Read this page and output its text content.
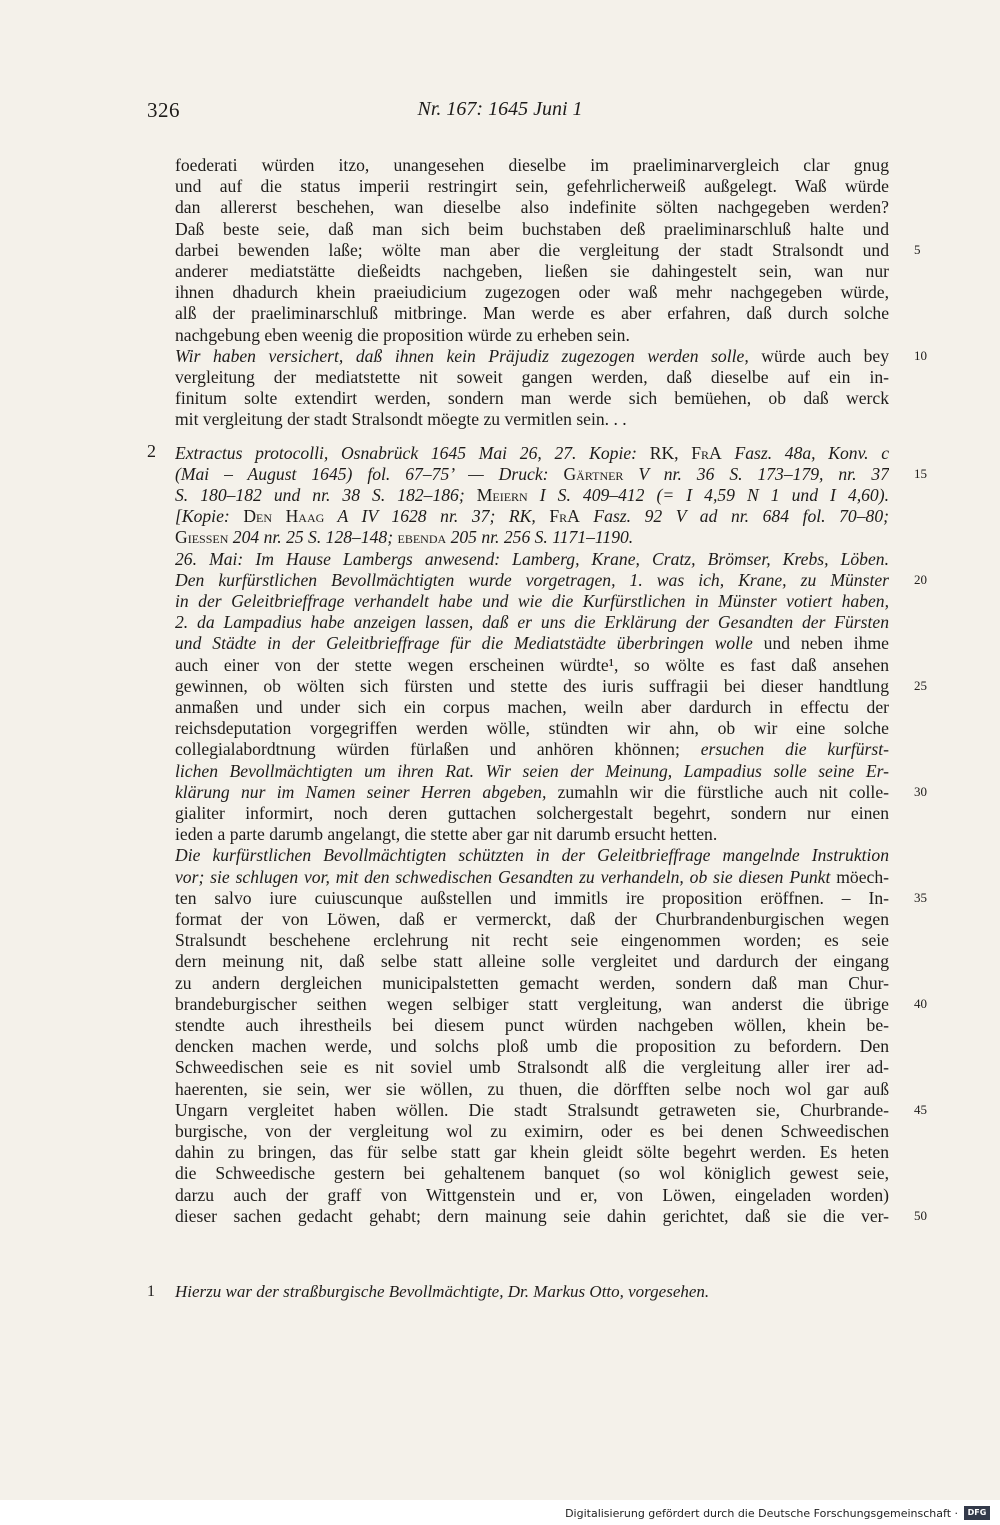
326	Nr. 167: 1645 Juni 1
foederati würden itzo, unangesehen dieselbe im praeliminarvergleich clar gnug
und auf die status imperii restringirt sein, gefehrlicherweiß außgelegt. Waß würde
dan allererst beschehen, wan dieselbe also indefinite sölten nachgegeben werden?
Daß beste seie, daß man sich beim buchstaben deß praeliminarschluß halte und
darbei bewenden laße; wölte man aber die vergleitung der stadt Stralsondt und
anderer mediatstätte dießeidts nachgeben, ließen sie dahingestelt sein, wan nur
ihnen dhadurch khein praeiudicium zugezogen oder waß mehr nachgegeben würde,
alß der praeliminarschluß mitbringe. Man werde es aber erfahren, daß durch solche
nachgebung eben weenig die proposition würde zu erheben sein.
Wir haben versichert, daß ihnen kein Präjudiz zugezogen werden solle, würde auch bey
vergleitung der mediatstette nit soweit gangen werden, daß dieselbe auf ein in-
finitum solte extendirt werden, sondern man werde sich bemüehen, ob daß werck
mit vergleitung der stadt Stralsondt möegte zu vermitlen sein. . .
Extractus protocolli, Osnabrück 1645 Mai 26, 27. Kopie: RK, FrA Fasz. 48a, Konv. c
(Mai – August 1645) fol. 67–75’ — Druck: Gärtner V nr. 36 S. 173–179, nr. 37
S. 180–182 und nr. 38 S. 182–186; Meiern I S. 409–412 (= I 4,59 N 1 und I 4,60).
[Kopie: Den Haag A IV 1628 nr. 37; RK, FrA Fasz. 92 V ad nr. 684 fol. 70–80;
Giessen 204 nr. 25 S. 128–148; ebenda 205 nr. 256 S. 1171–1190.
26. Mai: Im Hause Lambergs anwesend: Lamberg, Krane, Cratz, Brömser, Krebs, Löben.
Den kurfürstlichen Bevollmächtigten wurde vorgetragen, 1. was ich, Krane, zu Münster
in der Geleitbrieffrage verhandelt habe und wie die Kurfürstlichen in Münster votiert haben,
2. da Lampadius habe anzeigen lassen, daß er uns die Erklärung der Gesandten der Fürsten
und Städte in der Geleitbrieffrage für die Mediatstädte überbringen wolle und neben ihme
auch einer von der stette wegen erscheinen würdte¹, so wölte es fast daß ansehen
gewinnen, ob wölten sich fürsten und stette des iuris suffragii bei dieser handtlung
anmaßen und under sich ein corpus machen, weiln aber dardurch in effectu der
reichsdeputation vorgegriffen werden wölle, stündten wir ahn, ob wir eine solche
collegialabordtnung würden fürlaßen und anhören khönnen; ersuchen die kurfürst-
lichen Bevollmächtigten um ihren Rat. Wir seien der Meinung, Lampadius solle seine Er-
klärung nur im Namen seiner Herren abgeben, zumahln wir die fürstliche auch nit colle-
gialiter informirt, noch deren guttachen solchergestalt begehrt, sondern nur einen
ieden a parte darumb angelangt, die stette aber gar nit darumb ersucht hetten.
Die kurfürstlichen Bevollmächtigten schützten in der Geleitbrieffrage mangelnde Instruktion
vor; sie schlugen vor, mit den schwedischen Gesandten zu verhandeln, ob sie diesen Punkt möech-
ten salvo iure cuiuscunque außstellen und immitls ire proposition eröffnen. – In-
format der von Löwen, daß er vermerckt, daß der Churbrandenburgischen wegen
Stralsundt beschehene erclehrung nit recht seie eingenommen worden; es seie
dern meinung nit, daß selbe statt alleine solle vergleitet und dardurch der eingang
zu andern dergleichen municipalstetten gemacht werden, sondern daß man Chur-
brandeburgischer seithen wegen selbiger statt vergleitung, wan anderst die übrige
stendte auch ihrestheils bei diesem punct würden nachgeben wöllen, khein be-
dencken machen werde, und solchs ploß umb die proposition zu befordern. Den
Schweedischen seie es nit soviel umb Stralsondt alß die vergleitung aller irer ad-
haerenten, sie sein, wer sie wöllen, zu thuen, die dörfften selbe noch wol gar auß
Ungarn vergleitet haben wöllen. Die stadt Stralsundt getraweten sie, Churbrande-
burgische, von der vergleitung wol zu eximirn, oder es bei denen Schweedischen
dahin zu bringen, das für selbe statt gar khein gleidt sölte begehrt werden. Es heten
die Schweedische gestern bei gehaltenem banquet (so wol königlich gewest seie,
darzu auch der graff von Wittgenstein und er, von Löwen, eingeladen worden)
dieser sachen gedacht gehabt; dern mainung seie dahin gerichtet, daß sie die ver-
5
10
15
20
25
30
35
40
45
50
2
1 Hierzu war der straßburgische Bevollmächtigte, Dr. Markus Otto, vorgesehen.
Digitalisierung gefördert durch die Deutsche Forschungsgemeinschaft ·	DFG
